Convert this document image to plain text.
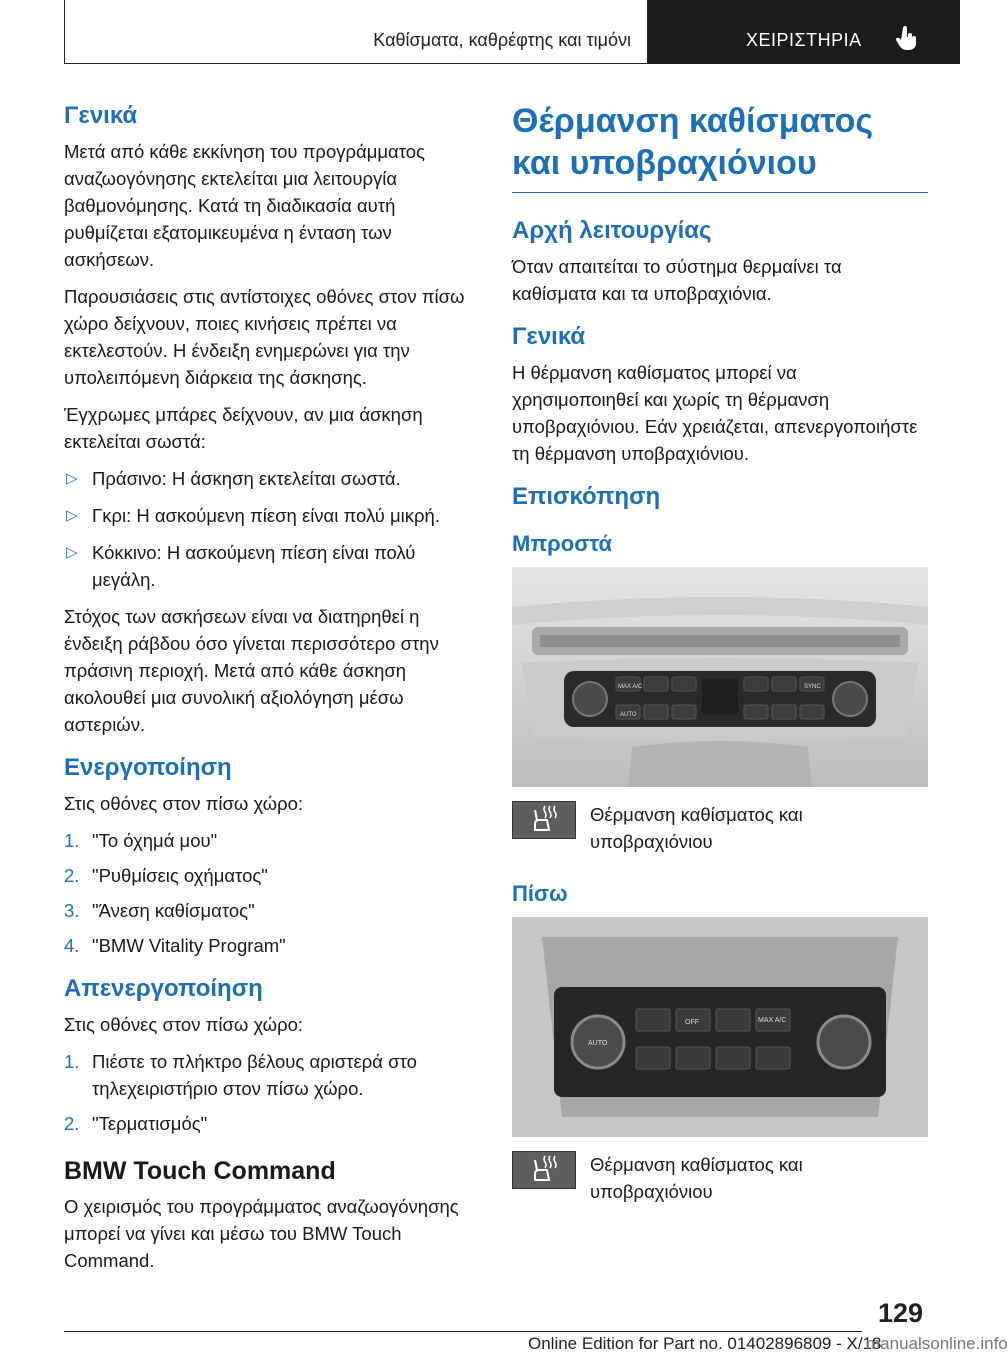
Καθίσματα, καθρέφτης και τιμόνι	ΧΕΙΡΙΣΤΗΡΙΑ
Γενικά

Μετά από κάθε εκκίνηση του προγράμματος αναζωογόνησης εκτελείται μια λειτουργία βαθμονόμησης. Κατά τη διαδικασία αυτή ρυθμίζεται εξατομικευμένα η ένταση των ασκήσεων.

Παρουσιάσεις στις αντίστοιχες οθόνες στον πίσω χώρο δείχνουν, ποιες κινήσεις πρέπει να εκτελεστούν. Η ένδειξη ενημερώνει για την υπολειπόμενη διάρκεια της άσκησης.

Έγχρωμες μπάρες δείχνουν, αν μια άσκηση εκτελείται σωστά:

▷ Πράσινο: Η άσκηση εκτελείται σωστά.
▷ Γκρι: Η ασκούμενη πίεση είναι πολύ μικρή.
▷ Κόκκινο: Η ασκούμενη πίεση είναι πολύ μεγάλη.

Στόχος των ασκήσεων είναι να διατηρηθεί η ένδειξη ράβδου όσο γίνεται περισσότερο στην πράσινη περιοχή. Μετά από κάθε άσκηση ακολουθεί μια συνολική αξιολόγηση μέσω αστεριών.

Ενεργοποίηση

Στις οθόνες στον πίσω χώρο:

1. "Το όχημά μου"
2. "Ρυθμίσεις οχήματος"
3. "Άνεση καθίσματος"
4. "BMW Vitality Program"
Απενεργοποίηση

Στις οθόνες στον πίσω χώρο:

1. Πιέστε το πλήκτρο βέλους αριστερά στο τηλεχειριστήριο στον πίσω χώρο.
2. "Τερματισμός"
BMW Touch Command

Ο χειρισμός του προγράμματος αναζωογόνησης μπορεί να γίνει και μέσω του BMW Touch Command.

Θέρμανση καθίσματος και υποβραχιόνιου
Αρχή λειτουργίας

Όταν απαιτείται το σύστημα θερμαίνει τα καθίσματα και τα υποβραχιόνια.

Γενικά

Η θέρμανση καθίσματος μπορεί να χρησιμοποιηθεί και χωρίς τη θέρμανση υποβραχιόνιου. Εάν χρειάζεται, απενεργοποιήστε τη θέρμανση υποβραχιόνιου.

Επισκόπηση
Μπροστά
MAX A/C
AUTO
SYNC

Θέρμανση καθίσματος και υποβραχιόνιου

Πίσω
AUTO
OFF	MAX A/C

Θέρμανση καθίσματος και υποβραχιόνιου

129
Online Edition for Part no. 01402896809 - X/18
manualsonline.info
